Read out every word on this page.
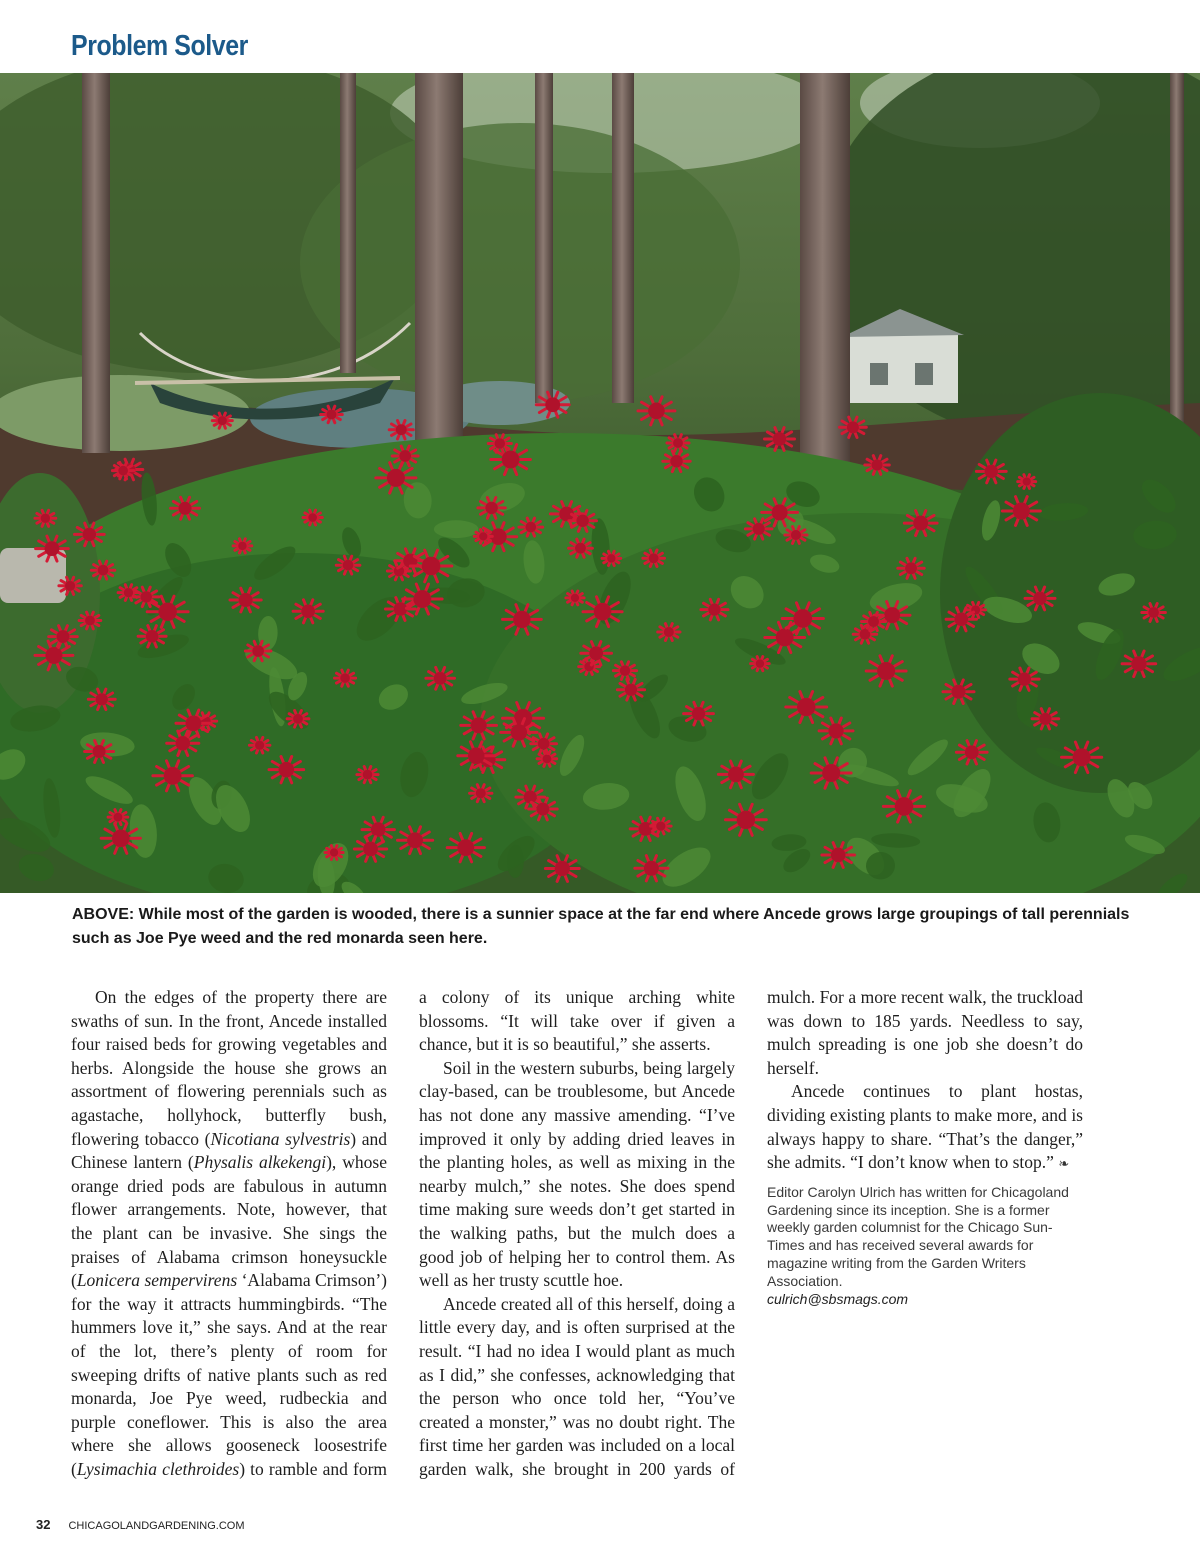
Problem Solver

ABOVE: While most of the garden is wooded, there is a sunnier space at the far end where Ancede grows large groupings of tall perennials such as Joe Pye weed and the red monarda seen here.

On the edges of the property there are swaths of sun. In the front, Ancede installed four raised beds for growing vegetables and herbs. Alongside the house she grows an assortment of flowering perennials such as agastache, hollyhock, butterfly bush, flowering tobacco (Nicotiana sylvestris) and Chinese lantern (Physalis alkekengi), whose orange dried pods are fabulous in autumn flower arrangements. Note, however, that the plant can be invasive. She sings the praises of Alabama crimson honeysuckle (Lonicera sempervirens ‘Alabama Crimson’) for the way it attracts hummingbirds. “The hummers love it,” she says. And at the rear of the lot, there’s plenty of room for sweeping drifts of native plants such as red monarda, Joe Pye weed, rudbeckia and purple coneflower. This is also the area where she allows gooseneck loosestrife (Lysimachia clethroides) to ramble and form a colony of its unique arching white blossoms. “It will take over if given a chance, but it is so beautiful,” she asserts.

Soil in the western suburbs, being largely clay-based, can be troublesome, but Ancede has not done any massive amending. “I’ve improved it only by adding dried leaves in the planting holes, as well as mixing in the nearby mulch,” she notes. She does spend time making sure weeds don’t get started in the walking paths, but the mulch does a good job of helping her to control them. As well as her trusty scuttle hoe.

Ancede created all of this herself, doing a little every day, and is often surprised at the result. “I had no idea I would plant as much as I did,” she confesses, acknowledging that the person who once told her, “You’ve created a monster,” was no doubt right. The first time her garden was included on a local garden walk, she brought in 200 yards of mulch. For a more recent walk, the truckload was down to 185 yards. Needless to say, mulch spreading is one job she doesn’t do herself.

Ancede continues to plant hostas, dividing existing plants to make more, and is always happy to share. “That’s the danger,” she admits. “I don’t know when to stop.” ❧

Editor Carolyn Ulrich has written for Chicagoland Gardening since its inception. She is a former weekly garden columnist for the Chicago Sun-Times and has received several awards for magazine writing from the Garden Writers Association.
culrich@sbsmags.com

32 CHICAGOLANDGARDENING.COM
